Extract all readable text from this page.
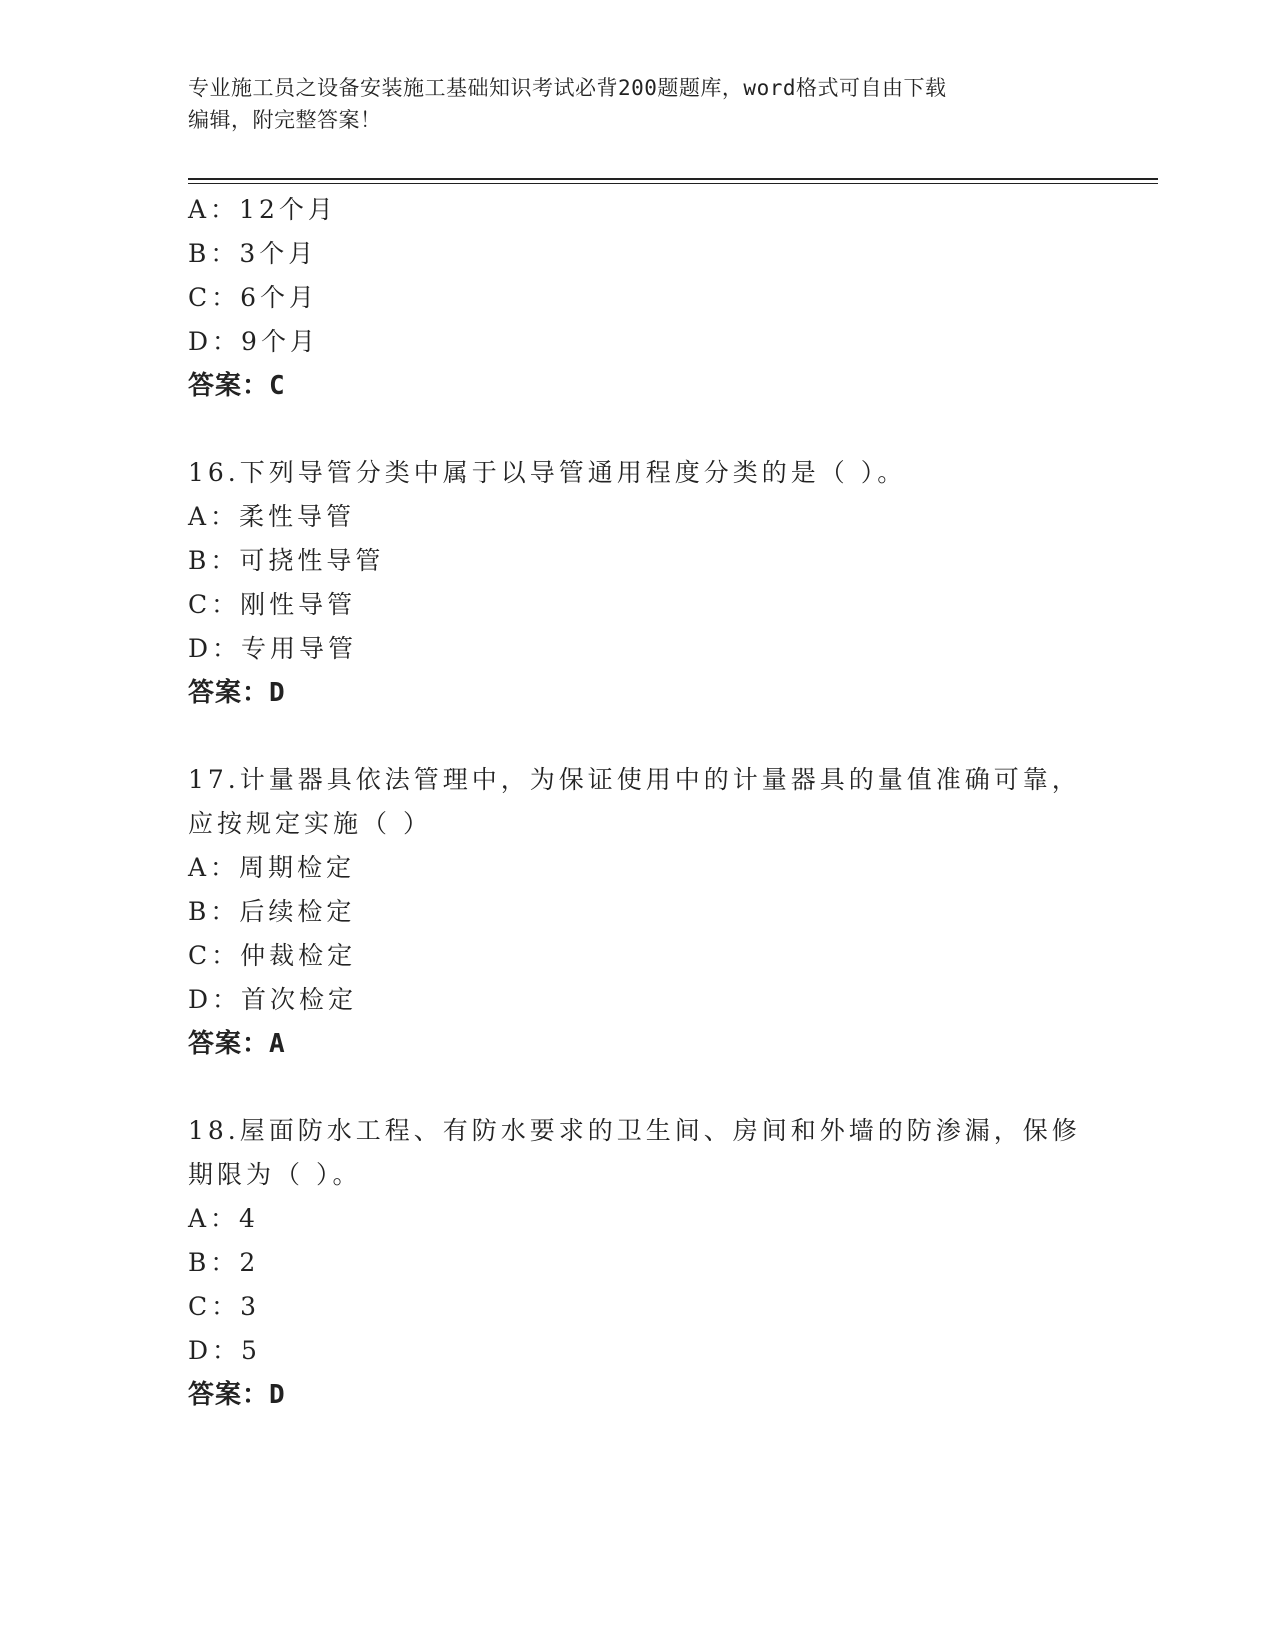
专业施工员之设备安装施工基础知识考试必背200题题库，word格式可自由下载
编辑，附完整答案！
A：12个月
B：3个月
C：6个月
D：9个月
答案：C
16.下列导管分类中属于以导管通用程度分类的是（ ）。
A：柔性导管
B：可挠性导管
C：刚性导管
D：专用导管
答案：D
17.计量器具依法管理中，为保证使用中的计量器具的量值准确可靠，
应按规定实施（ ）
A：周期检定
B：后续检定
C：仲裁检定
D：首次检定
答案：A
18.屋面防水工程、有防水要求的卫生间、房间和外墙的防渗漏，保修
期限为（ ）。
A：4
B：2
C：3
D：5
答案：D
